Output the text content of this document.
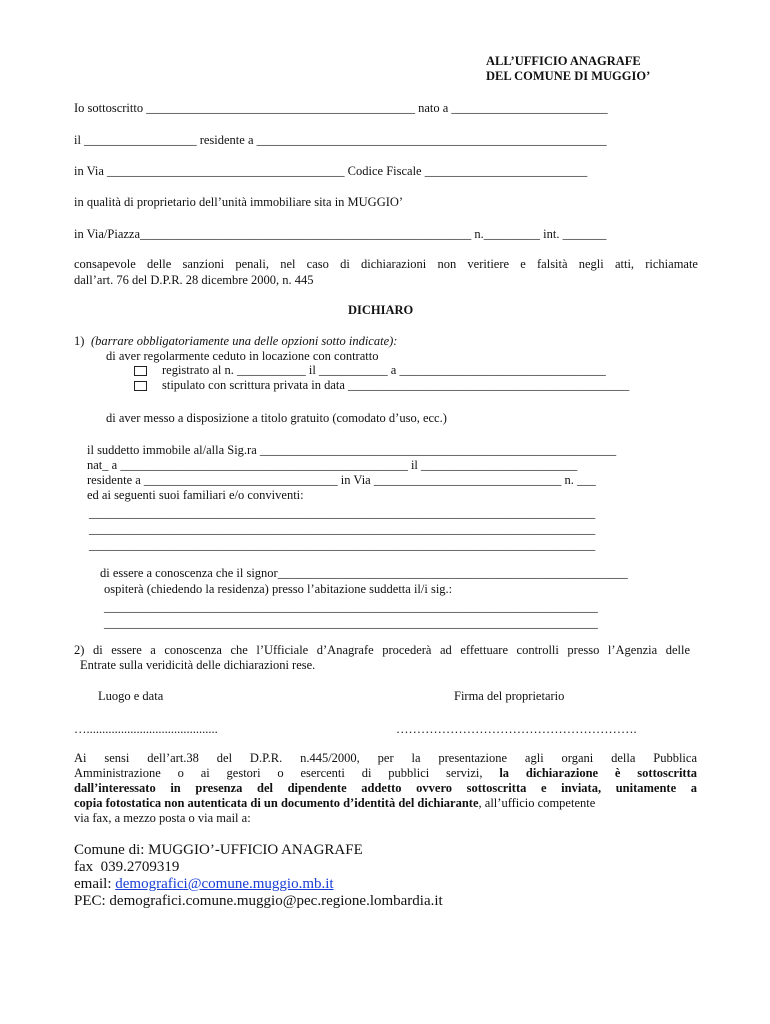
ALL’UFFICIO ANAGRAFE
DEL COMUNE DI MUGGIO’
Io sottoscritto ___________________________________________ nato a _________________________
il __________________ residente a ________________________________________________________
in Via ______________________________________ Codice Fiscale __________________________
in qualità di proprietario dell’unità immobiliare sita in MUGGIO’
in Via/Piazza_____________________________________________________ n._________ int. _______
consapevole delle sanzioni penali, nel caso di dichiarazioni non veritiere e falsità negli atti, richiamate
dall’art. 76 del D.P.R. 28 dicembre 2000, n. 445
DICHIARO
1) (barrare obbligatoriamente una delle opzioni sotto indicate):
di aver regolarmente ceduto in locazione con contratto
registrato al n. ___________ il ___________ a _________________________________
stipulato con scrittura privata in data _____________________________________________
di aver messo a disposizione a titolo gratuito (comodato d’uso, ecc.)
il suddetto immobile al/alla Sig.ra _________________________________________________________
nat_ a ______________________________________________ il _________________________
residente a _______________________________ in Via ______________________________ n. ___
ed ai seguenti suoi familiari e/o conviventi:
_________________________________________________________________________________
_________________________________________________________________________________
_________________________________________________________________________________
di essere a conoscenza che il signor________________________________________________________
ospiterà (chiedendo la residenza) presso l’abitazione suddetta il/i sig.:
_______________________________________________________________________________
_______________________________________________________________________________
2) di essere a conoscenza che l’Ufficiale d’Anagrafe procederà ad effettuare controlli presso l’Agenzia delle
Entrate sulla veridicità delle dichiarazioni rese.
Luogo e data	Firma del proprietario
…..........................................	………………………………………………….
Ai sensi dell’art.38 del D.P.R. n.445/2000, per la presentazione agli organi della Pubblica
Amministrazione o ai gestori o esercenti di pubblici servizi, la dichiarazione è sottoscritta
dall’interessato in presenza del dipendente addetto ovvero sottoscritta e inviata, unitamente a
copia fotostatica non autenticata di un documento d’identità del dichiarante, all’ufficio competente
via fax, a mezzo posta o via mail a:
Comune di: MUGGIO’-UFFICIO ANAGRAFE
fax  039.2709319
email: demografici@comune.muggio.mb.it
PEC: demografici.comune.muggio@pec.regione.lombardia.it
